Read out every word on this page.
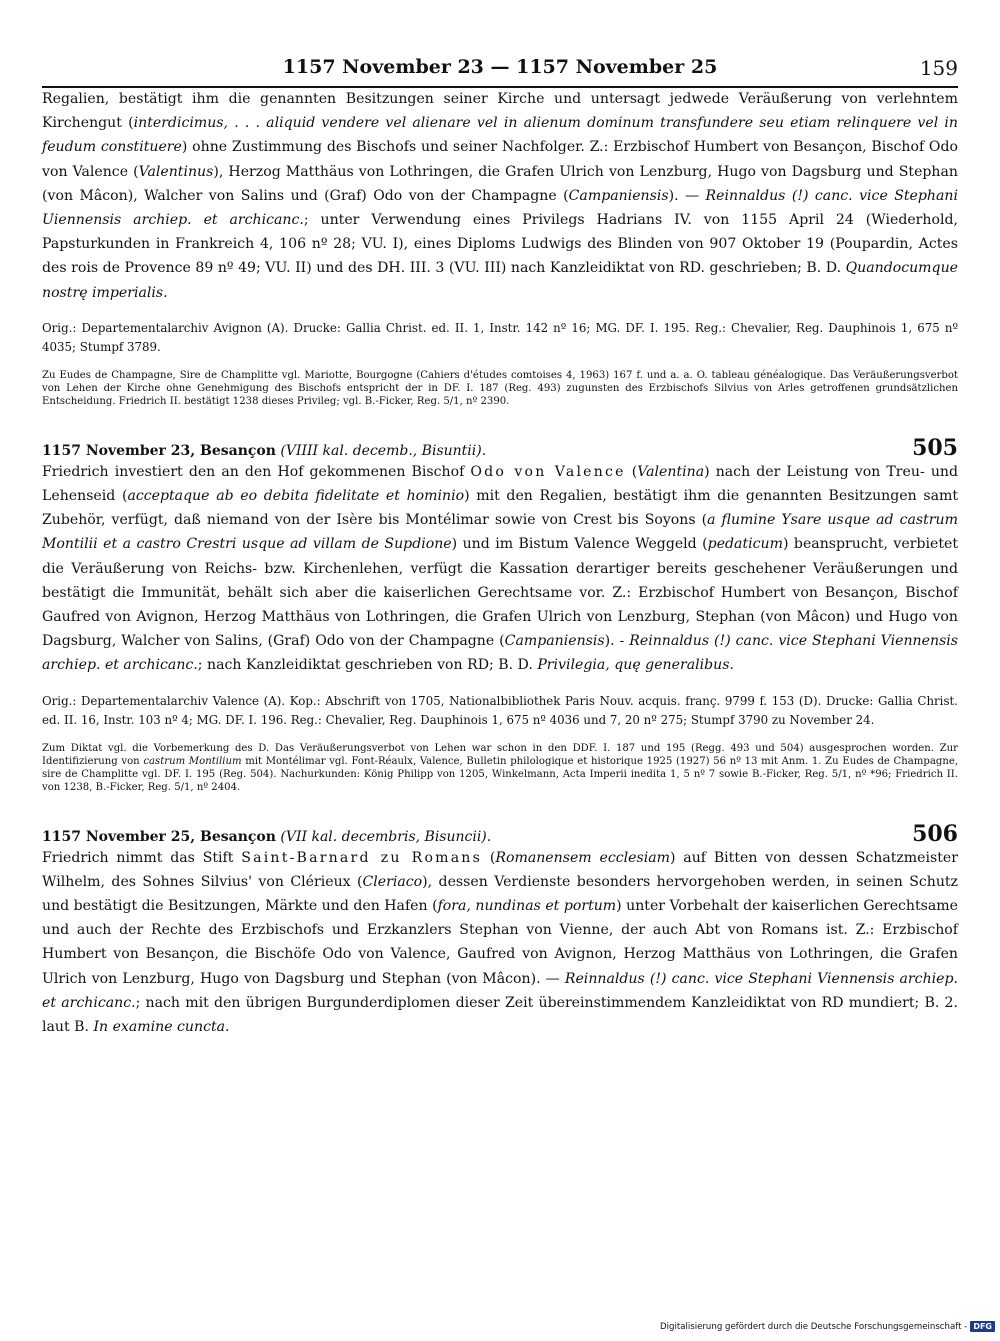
1157 November 23 — 1157 November 25	159

Regalien, bestätigt ihm die genannten Besitzungen seiner Kirche und untersagt jedwede Veräußerung von verlehntem Kirchengut (interdicimus, . . . aliquid vendere vel alienare vel in alienum dominum transfundere seu etiam relinquere vel in feudum constituere) ohne Zustimmung des Bischofs und seiner Nachfolger. Z.: Erzbischof Humbert von Besançon, Bischof Odo von Valence (Valentinus), Herzog Matthäus von Lothringen, die Grafen Ulrich von Lenzburg, Hugo von Dagsburg und Stephan (von Mâcon), Walcher von Salins und (Graf) Odo von der Champagne (Campaniensis). — Reinnaldus (!) canc. vice Stephani Uiennensis archiep. et archicanc.; unter Verwendung eines Privilegs Hadrians IV. von 1155 April 24 (Wiederhold, Papsturkunden in Frankreich 4, 106 nº 28; VU. I), eines Diploms Ludwigs des Blinden von 907 Oktober 19 (Poupardin, Actes des rois de Provence 89 nº 49; VU. II) und des DH. III. 3 (VU. III) nach Kanzleidiktat von RD. geschrieben; B. D. Quandocumque nostrę imperialis.

Orig.: Departementalarchiv Avignon (A). Drucke: Gallia Christ. ed. II. 1, Instr. 142 nº 16; MG. DF. I. 195. Reg.: Chevalier, Reg. Dauphinois 1, 675 nº 4035; Stumpf 3789.

Zu Eudes de Champagne, Sire de Champlitte vgl. Mariotte, Bourgogne (Cahiers d'études comtoises 4, 1963) 167 f. und a. a. O. tableau généalogique. Das Veräußerungsverbot von Lehen der Kirche ohne Genehmigung des Bischofs entspricht der in DF. I. 187 (Reg. 493) zugunsten des Erzbischofs Silvius von Arles getroffenen grundsätzlichen Entscheidung. Friedrich II. bestätigt 1238 dieses Privileg; vgl. B.-Ficker, Reg. 5/1, nº 2390.

1157 November 23, Besançon (VIIII kal. decemb., Bisuntii).	505

Friedrich investiert den an den Hof gekommenen Bischof Odo von Valence (Valentina) nach der Leistung von Treu- und Lehenseid (acceptaque ab eo debita fidelitate et hominio) mit den Regalien, bestätigt ihm die genannten Besitzungen samt Zubehör, verfügt, daß niemand von der Isère bis Montélimar sowie von Crest bis Soyons (a flumine Ysare usque ad castrum Montilii et a castro Crestri usque ad villam de Supdione) und im Bistum Valence Weggeld (pedaticum) beansprucht, verbietet die Veräußerung von Reichs- bzw. Kirchenlehen, verfügt die Kassation derartiger bereits geschehener Veräußerungen und bestätigt die Immunität, behält sich aber die kaiserlichen Gerechtsame vor. Z.: Erzbischof Humbert von Besançon, Bischof Gaufred von Avignon, Herzog Matthäus von Lothringen, die Grafen Ulrich von Lenzburg, Stephan (von Mâcon) und Hugo von Dagsburg, Walcher von Salins, (Graf) Odo von der Champagne (Campaniensis). - Reinnaldus (!) canc. vice Stephani Viennensis archiep. et archicanc.; nach Kanzleidiktat geschrieben von RD; B. D. Privilegia, quę generalibus.

Orig.: Departementalarchiv Valence (A). Kop.: Abschrift von 1705, Nationalbibliothek Paris Nouv. acquis. franç. 9799 f. 153 (D). Drucke: Gallia Christ. ed. II. 16, Instr. 103 nº 4; MG. DF. I. 196. Reg.: Chevalier, Reg. Dauphinois 1, 675 nº 4036 und 7, 20 nº 275; Stumpf 3790 zu November 24.

Zum Diktat vgl. die Vorbemerkung des D. Das Veräußerungsverbot von Lehen war schon in den DDF. I. 187 und 195 (Regg. 493 und 504) ausgesprochen worden. Zur Identifizierung von castrum Montilium mit Montélimar vgl. Font-Réaulx, Valence, Bulletin philologique et historique 1925 (1927) 56 nº 13 mit Anm. 1. Zu Eudes de Champagne, sire de Champlitte vgl. DF. I. 195 (Reg. 504). Nachurkunden: König Philipp von 1205, Winkelmann, Acta Imperii inedita 1, 5 nº 7 sowie B.-Ficker, Reg. 5/1, nº *96; Friedrich II. von 1238, B.-Ficker, Reg. 5/1, nº 2404.

1157 November 25, Besançon (VII kal. decembris, Bisuncii).	506

Friedrich nimmt das Stift Saint-Barnard zu Romans (Romanensem ecclesiam) auf Bitten von dessen Schatzmeister Wilhelm, des Sohnes Silvius' von Clérieux (Cleriaco), dessen Verdienste besonders hervorgehoben werden, in seinen Schutz und bestätigt die Besitzungen, Märkte und den Hafen (fora, nundinas et portum) unter Vorbehalt der kaiserlichen Gerechtsame und auch der Rechte des Erzbischofs und Erzkanzlers Stephan von Vienne, der auch Abt von Romans ist. Z.: Erzbischof Humbert von Besançon, die Bischöfe Odo von Valence, Gaufred von Avignon, Herzog Matthäus von Lothringen, die Grafen Ulrich von Lenzburg, Hugo von Dagsburg und Stephan (von Mâcon). — Reinnaldus (!) canc. vice Stephani Viennensis archiep. et archicanc.; nach mit den übrigen Burgunderdiplomen dieser Zeit übereinstimmendem Kanzleidiktat von RD mundiert; B. 2. laut B. In examine cuncta.

Digitalisierung gefördert durch die Deutsche Forschungsgemeinschaft - DFG
